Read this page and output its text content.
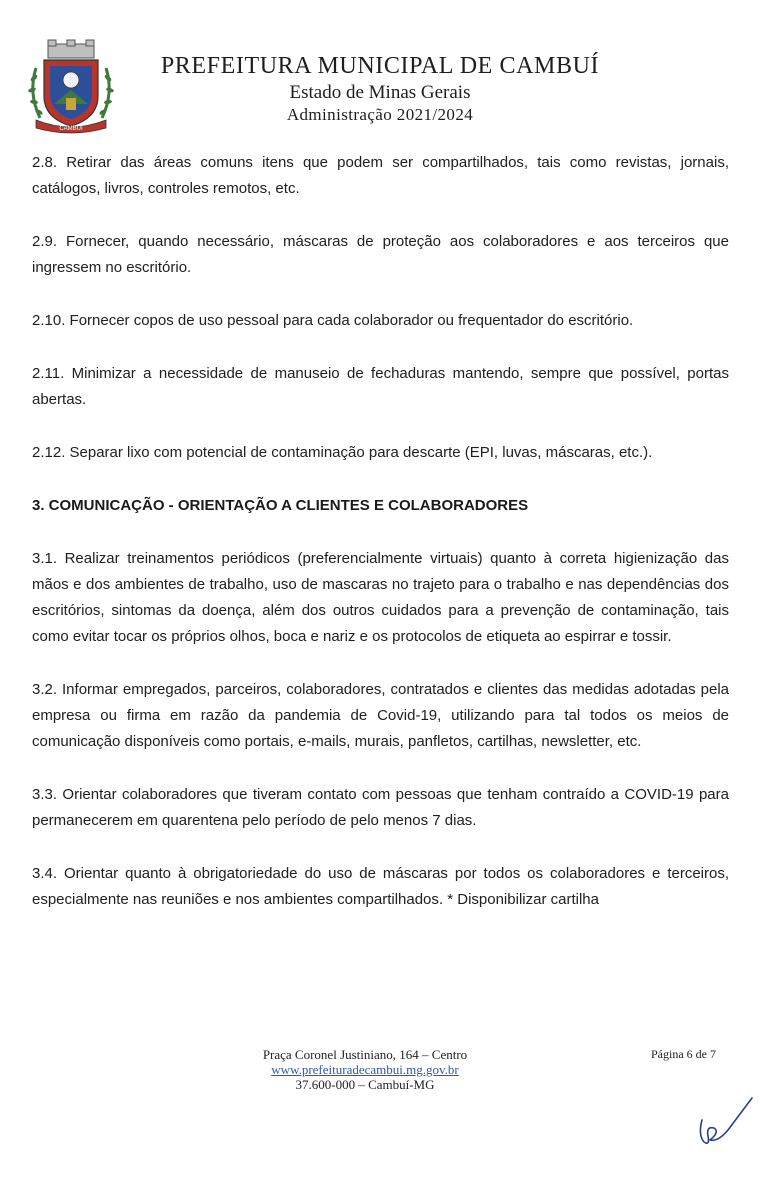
CAMBUÍ
PREFEITURA MUNICIPAL DE CAMBUÍ
Estado de Minas Gerais
Administração 2021/2024

2.8. Retirar das áreas comuns itens que podem ser compartilhados, tais como revistas, jornais, catálogos, livros, controles remotos, etc.

2.9. Fornecer, quando necessário, máscaras de proteção aos colaboradores e aos terceiros que ingressem no escritório.

2.10. Fornecer copos de uso pessoal para cada colaborador ou frequentador do escritório.

2.11. Minimizar a necessidade de manuseio de fechaduras mantendo, sempre que possível, portas abertas.

2.12. Separar lixo com potencial de contaminação para descarte (EPI, luvas, máscaras, etc.).

3. COMUNICAÇÃO - ORIENTAÇÃO A CLIENTES E COLABORADORES

3.1. Realizar treinamentos periódicos (preferencialmente virtuais) quanto à correta higienização das mãos e dos ambientes de trabalho, uso de mascaras no trajeto para o trabalho e nas dependências dos escritórios, sintomas da doença, além dos outros cuidados para a prevenção de contaminação, tais como evitar tocar os próprios olhos, boca e nariz e os protocolos de etiqueta ao espirrar e tossir.

3.2. Informar empregados, parceiros, colaboradores, contratados e clientes das medidas adotadas pela empresa ou firma em razão da pandemia de Covid-19, utilizando para tal todos os meios de comunicação disponíveis como portais, e-mails, murais, panfletos, cartilhas, newsletter, etc.

3.3. Orientar colaboradores que tiveram contato com pessoas que tenham contraído a COVID-19 para permanecerem em quarentena pelo período de pelo menos 7 dias.

3.4. Orientar quanto à obrigatoriedade do uso de máscaras por todos os colaboradores e terceiros, especialmente nas reuniões e nos ambientes compartilhados. * Disponibilizar cartilha

Praça Coronel Justiniano, 164 – Centro
www.prefeituradecambui.mg.gov.br
37.600-000 – Cambuí-MG
Página 6 de 7
